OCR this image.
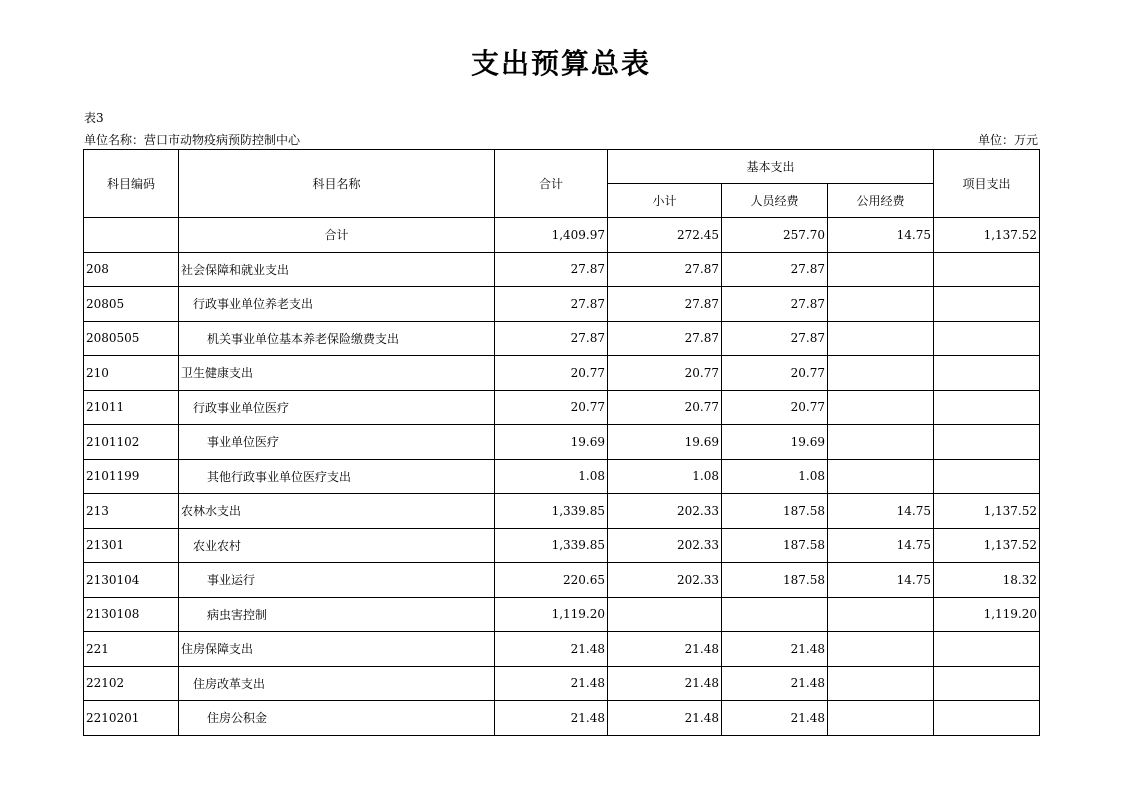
支出预算总表
表3
单位名称：营口市动物疫病预防控制中心	单位：万元
科目编码	科目名称	合计	基本支出			项目支出
			小计	人员经费	公用经费	
	合计	1,409.97	272.45	257.70	14.75	1,137.52
208	社会保障和就业支出	27.87	27.87	27.87		
20805	行政事业单位养老支出	27.87	27.87	27.87		
2080505	机关事业单位基本养老保险缴费支出	27.87	27.87	27.87		
210	卫生健康支出	20.77	20.77	20.77		
21011	行政事业单位医疗	20.77	20.77	20.77		
2101102	事业单位医疗	19.69	19.69	19.69		
2101199	其他行政事业单位医疗支出	1.08	1.08	1.08		
213	农林水支出	1,339.85	202.33	187.58	14.75	1,137.52
21301	农业农村	1,339.85	202.33	187.58	14.75	1,137.52
2130104	事业运行	220.65	202.33	187.58	14.75	18.32
2130108	病虫害控制	1,119.20				1,119.20
221	住房保障支出	21.48	21.48	21.48		
22102	住房改革支出	21.48	21.48	21.48		
2210201	住房公积金	21.48	21.48	21.48		
